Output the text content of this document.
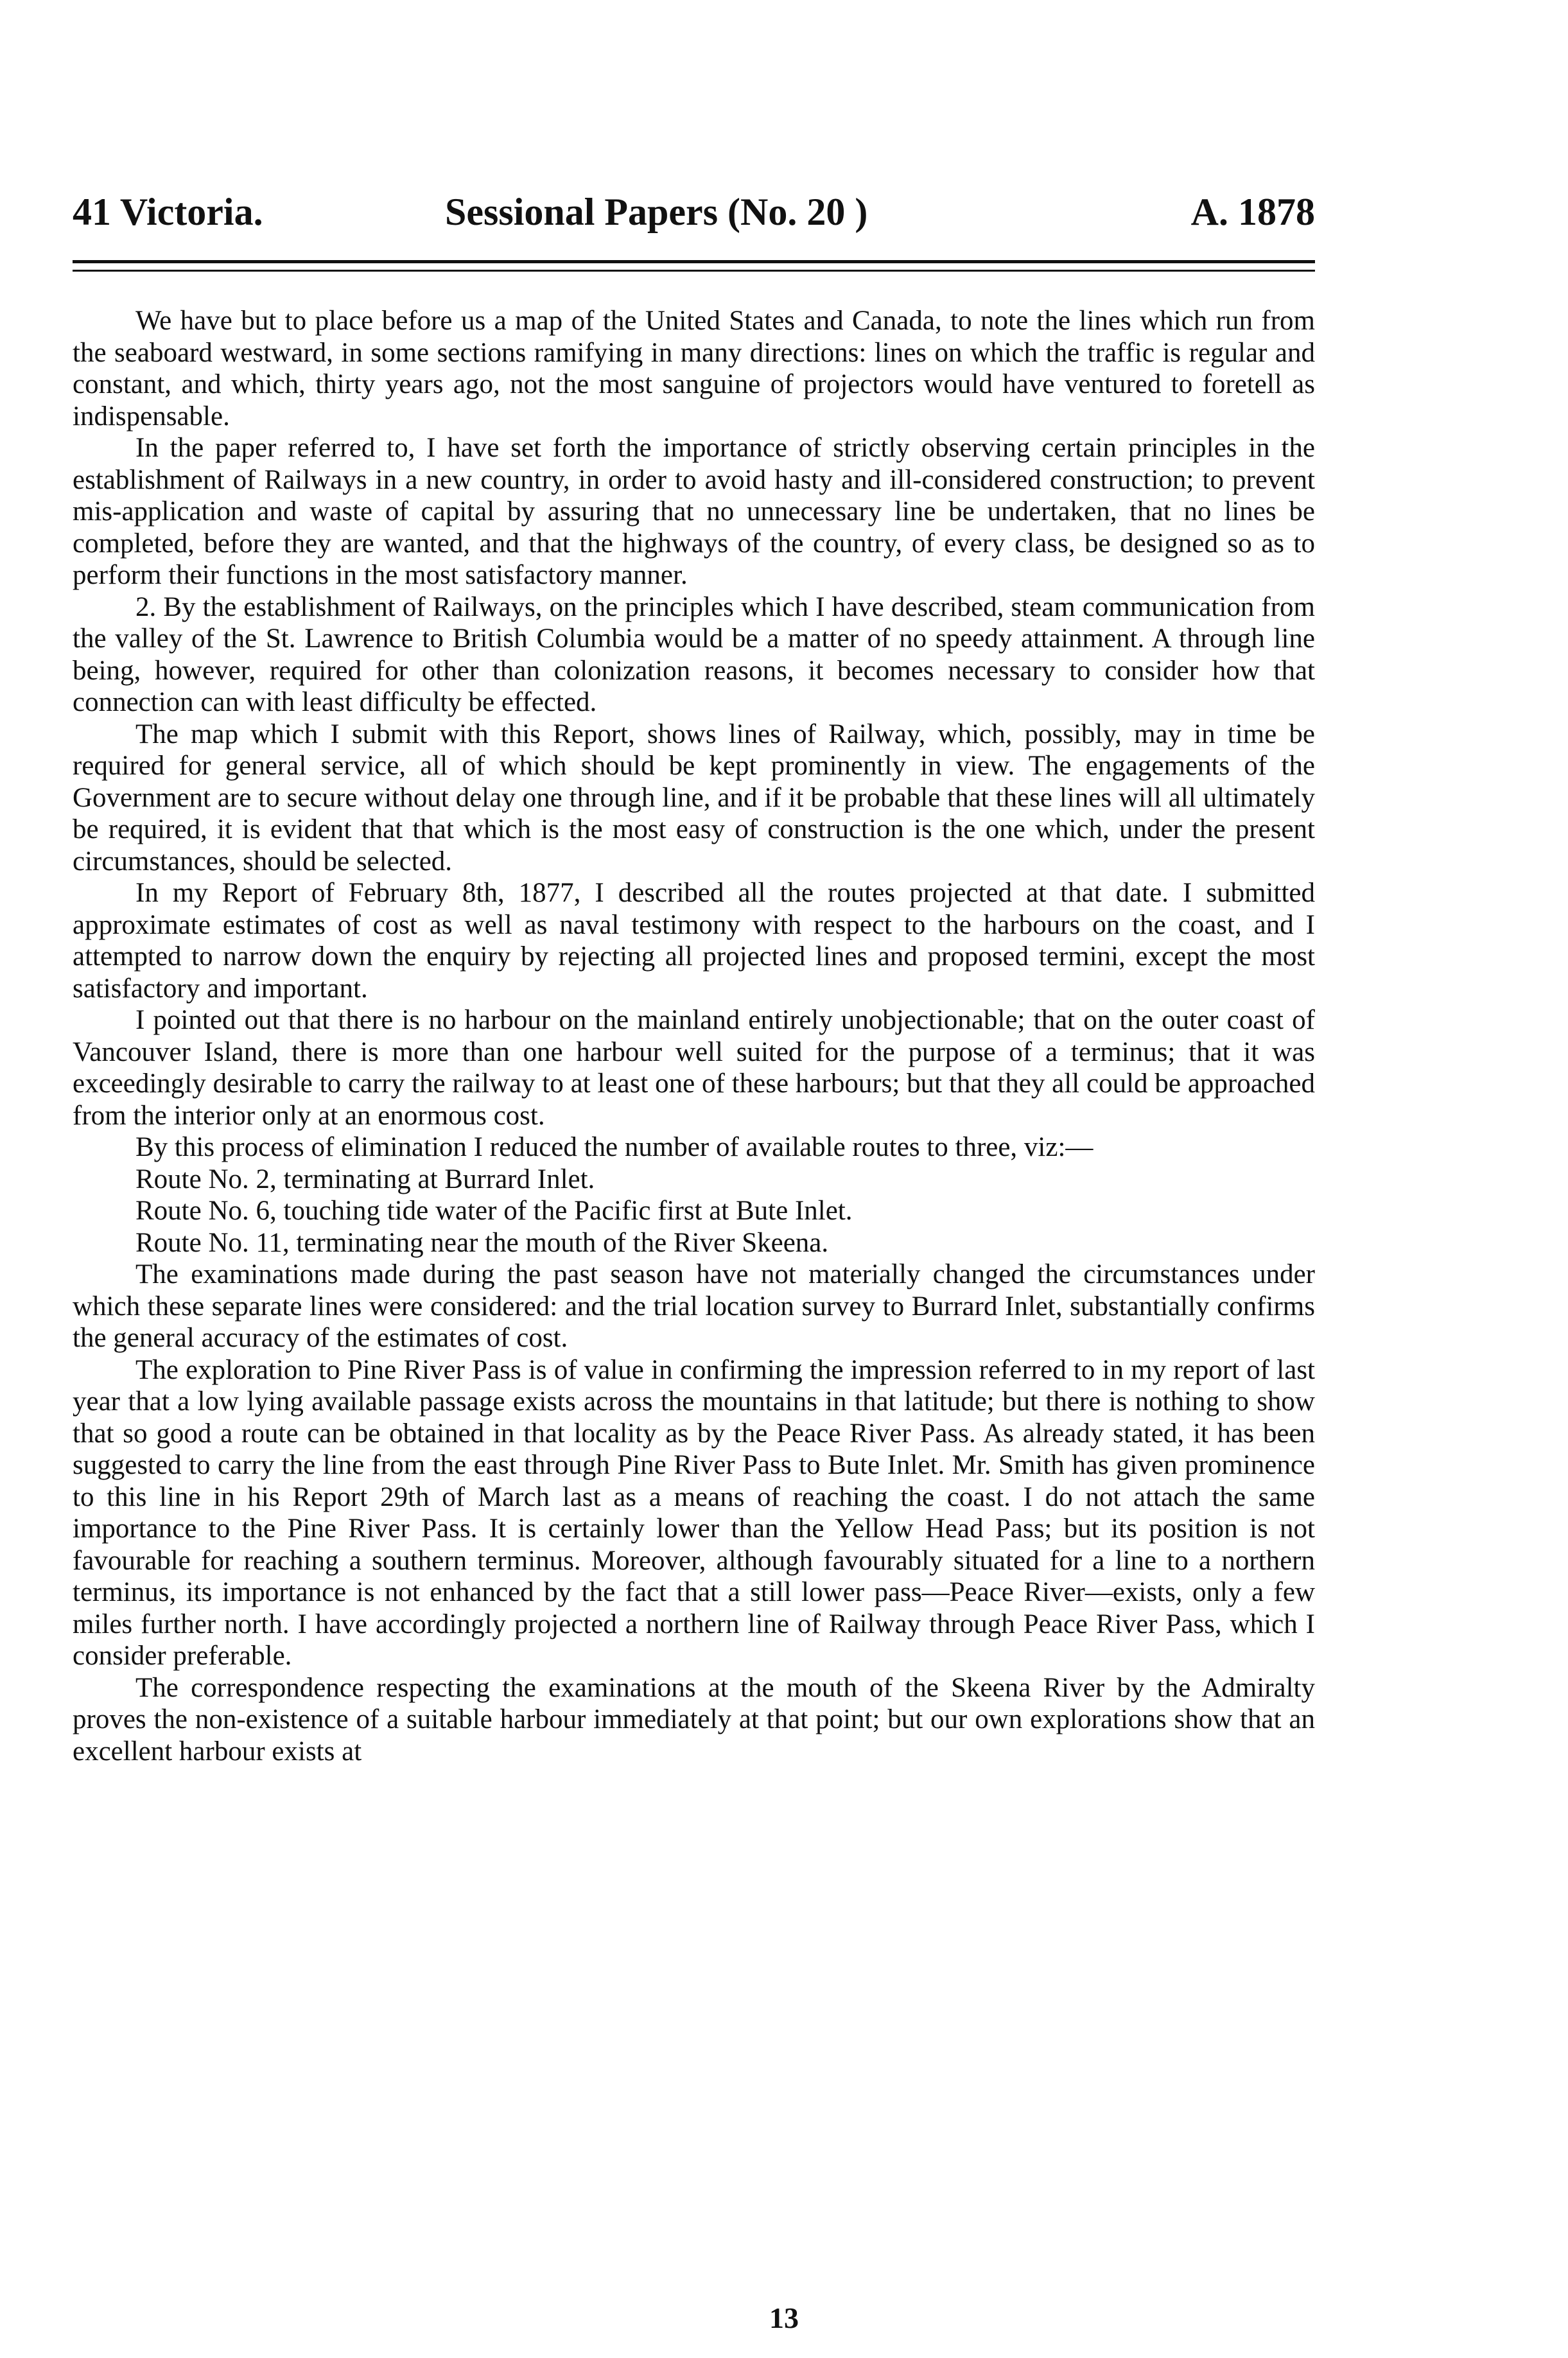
41 Victoria.	Sessional Papers (No. 20 )	A. 1878

We have but to place before us a map of the United States and Canada, to note the lines which run from the seaboard westward, in some sections ramifying in many directions: lines on which the traffic is regular and constant, and which, thirty years ago, not the most sanguine of projectors would have ventured to foretell as indispensable.

In the paper referred to, I have set forth the importance of strictly observing certain principles in the establishment of Railways in a new country, in order to avoid hasty and ill-considered construction; to prevent mis-application and waste of capital by assuring that no unnecessary line be undertaken, that no lines be completed, before they are wanted, and that the highways of the country, of every class, be designed so as to perform their functions in the most satisfactory manner.

2. By the establishment of Railways, on the principles which I have described, steam communication from the valley of the St. Lawrence to British Columbia would be a matter of no speedy attainment. A through line being, however, required for other than colonization reasons, it becomes necessary to consider how that connection can with least difficulty be effected.

The map which I submit with this Report, shows lines of Railway, which, possibly, may in time be required for general service, all of which should be kept prominently in view. The engagements of the Government are to secure without delay one through line, and if it be probable that these lines will all ultimately be required, it is evident that that which is the most easy of construction is the one which, under the present circumstances, should be selected.

In my Report of February 8th, 1877, I described all the routes projected at that date. I submitted approximate estimates of cost as well as naval testimony with respect to the harbours on the coast, and I attempted to narrow down the enquiry by rejecting all projected lines and proposed termini, except the most satisfactory and important.

I pointed out that there is no harbour on the mainland entirely unobjectionable; that on the outer coast of Vancouver Island, there is more than one harbour well suited for the purpose of a terminus; that it was exceedingly desirable to carry the railway to at least one of these harbours; but that they all could be approached from the interior only at an enormous cost.

By this process of elimination I reduced the number of available routes to three, viz:—

Route No. 2, terminating at Burrard Inlet.

Route No. 6, touching tide water of the Pacific first at Bute Inlet.

Route No. 11, terminating near the mouth of the River Skeena.

The examinations made during the past season have not materially changed the circumstances under which these separate lines were considered: and the trial location survey to Burrard Inlet, substantially confirms the general accuracy of the estimates of cost.

The exploration to Pine River Pass is of value in confirming the impression referred to in my report of last year that a low lying available passage exists across the mountains in that latitude; but there is nothing to show that so good a route can be obtained in that locality as by the Peace River Pass. As already stated, it has been suggested to carry the line from the east through Pine River Pass to Bute Inlet. Mr. Smith has given prominence to this line in his Report 29th of March last as a means of reaching the coast. I do not attach the same importance to the Pine River Pass. It is certainly lower than the Yellow Head Pass; but its position is not favourable for reaching a southern terminus. Moreover, although favourably situated for a line to a northern terminus, its importance is not enhanced by the fact that a still lower pass—Peace River—exists, only a few miles further north. I have accordingly projected a northern line of Railway through Peace River Pass, which I consider preferable.

The correspondence respecting the examinations at the mouth of the Skeena River by the Admiralty proves the non-existence of a suitable harbour immediately at that point; but our own explorations show that an excellent harbour exists at

13
